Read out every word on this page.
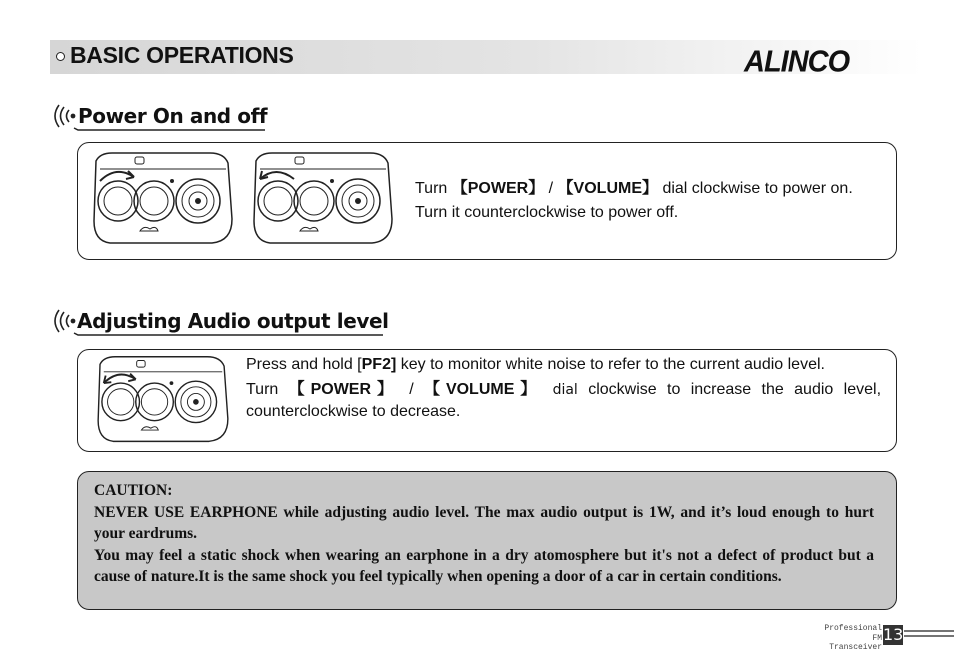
BASIC OPERATIONS	ALINCO
Power On and off
Turn 【POWER】 / 【VOLUME】 dial clockwise to power on.
Turn it counterclockwise to power off.
Adjusting Audio output level
Press and hold [PF2] key to monitor white noise to refer to the current audio level.
Turn 【POWER】 / 【VOLUME】 dial clockwise to increase the audio level, counterclockwise to decrease.

CAUTION:

NEVER USE EARPHONE while adjusting audio level. The max audio output is 1W, and it’s loud enough to hurt your eardrums.

You may feel a static shock when wearing an earphone in a dry atomosphere but it's not a defect of product but a cause of nature.It is the same shock you feel typically when opening a door of a car in certain conditions.

Professional
FM Transceiver
13
